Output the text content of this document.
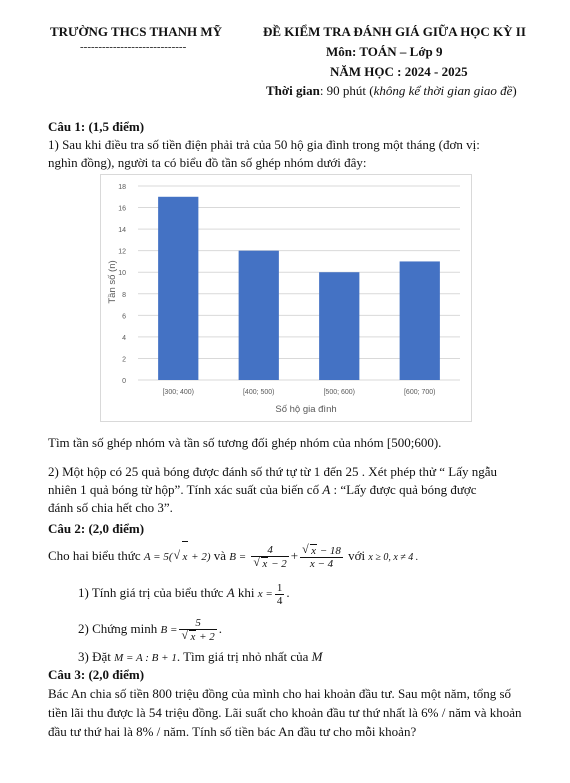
TRƯỜNG THCS THANH MỸ
-----------------------------
ĐỀ KIỂM TRA ĐÁNH GIÁ GIỮA HỌC KỲ II
Môn: TOÁN – Lớp 9
NĂM HỌC : 2024 - 2025
Thời gian: 90 phút (không kể thời gian giao đề)
Câu 1: (1,5 điểm)
1) Sau khi điều tra số tiền điện phải trả của 50 hộ gia đình trong một tháng (đơn vị:
nghìn đồng), người ta có biểu đồ tần số ghép nhóm dưới đây:
0
2
4
6
8
10
12
14
16
18
[300; 400)	[400; 500)	[500; 600)	[600; 700)
Tần số (n)
Số hộ gia đình
Tìm tần số ghép nhóm và tần số tương đối ghép nhóm của nhóm [500;600).
2) Một hộp có 25 quả bóng được đánh số thứ tự từ 1 đến 25 . Xét phép thử “ Lấy ngẫu
nhiên 1 quả bóng từ hộp”. Tính xác suất của biến cố A : “Lấy được quả bóng được
đánh số chia hết cho 3”.
Câu 2: (2,0 điểm)
Cho hai biểu thức A = 5( √ x + 2) và B = 4
√ x − 2 + √ $\frac{x - 18}{x - 4}$ với x ≥ 0, x ≠ 4 .
1) Tính giá trị của biểu thức A khi $x = \frac{1}{4}$ .
2) Chứng minh B = 5
√ x + 2 .
3) Đặt M = A : B + 1. Tìm giá trị nhỏ nhất của M
Câu 3: (2,0 điểm)
Bác An chia số tiền 800 triệu đồng của mình cho hai khoản đầu tư. Sau một năm, tổng số
tiền lãi thu được là 54 triệu đồng. Lãi suất cho khoản đầu tư thứ nhất là 6% / năm và khoản
đầu tư thứ hai là 8% / năm. Tính số tiền bác An đầu tư cho mỗi khoản?
